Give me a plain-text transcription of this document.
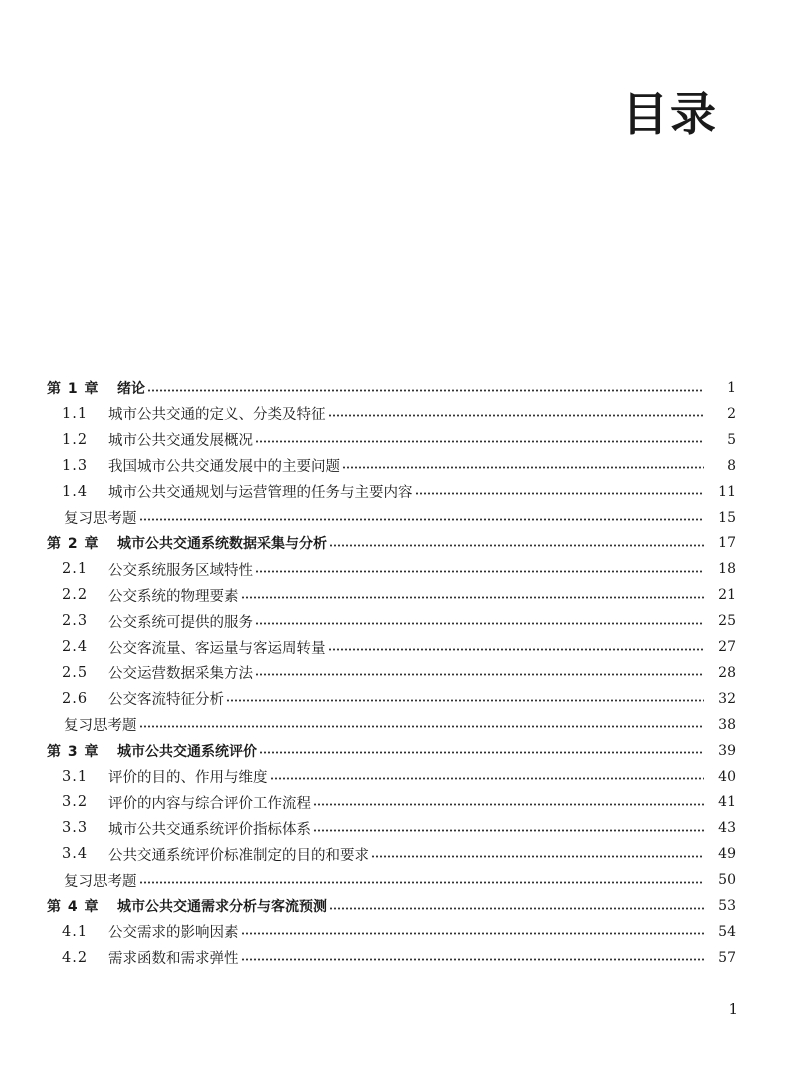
目录
第 1 章	绪论	1
1.1	城市公共交通的定义、分类及特征	2
1.2	城市公共交通发展概况	5
1.3	我国城市公共交通发展中的主要问题	8
1.4	城市公共交通规划与运营管理的任务与主要内容	11
复习思考题	15
第 2 章	城市公共交通系统数据采集与分析	17
2.1	公交系统服务区域特性	18
2.2	公交系统的物理要素	21
2.3	公交系统可提供的服务	25
2.4	公交客流量、客运量与客运周转量	27
2.5	公交运营数据采集方法	28
2.6	公交客流特征分析	32
复习思考题	38
第 3 章	城市公共交通系统评价	39
3.1	评价的目的、作用与维度	40
3.2	评价的内容与综合评价工作流程	41
3.3	城市公共交通系统评价指标体系	43
3.4	公共交通系统评价标准制定的目的和要求	49
复习思考题	50
第 4 章	城市公共交通需求分析与客流预测	53
4.1	公交需求的影响因素	54
4.2	需求函数和需求弹性	57
1
